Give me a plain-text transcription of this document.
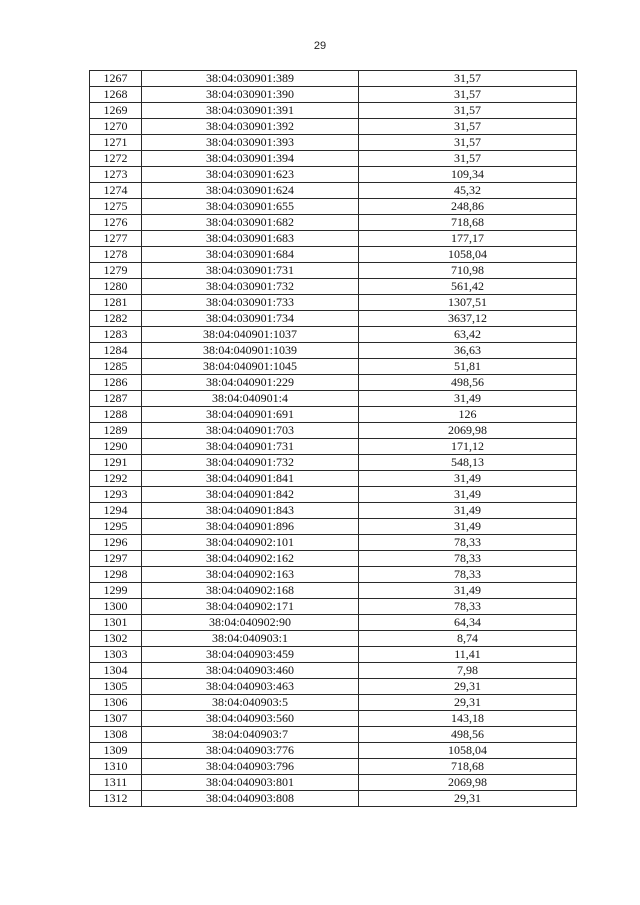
29
1267	38:04:030901:389	31,57
1268	38:04:030901:390	31,57
1269	38:04:030901:391	31,57
1270	38:04:030901:392	31,57
1271	38:04:030901:393	31,57
1272	38:04:030901:394	31,57
1273	38:04:030901:623	109,34
1274	38:04:030901:624	45,32
1275	38:04:030901:655	248,86
1276	38:04:030901:682	718,68
1277	38:04:030901:683	177,17
1278	38:04:030901:684	1058,04
1279	38:04:030901:731	710,98
1280	38:04:030901:732	561,42
1281	38:04:030901:733	1307,51
1282	38:04:030901:734	3637,12
1283	38:04:040901:1037	63,42
1284	38:04:040901:1039	36,63
1285	38:04:040901:1045	51,81
1286	38:04:040901:229	498,56
1287	38:04:040901:4	31,49
1288	38:04:040901:691	126
1289	38:04:040901:703	2069,98
1290	38:04:040901:731	171,12
1291	38:04:040901:732	548,13
1292	38:04:040901:841	31,49
1293	38:04:040901:842	31,49
1294	38:04:040901:843	31,49
1295	38:04:040901:896	31,49
1296	38:04:040902:101	78,33
1297	38:04:040902:162	78,33
1298	38:04:040902:163	78,33
1299	38:04:040902:168	31,49
1300	38:04:040902:171	78,33
1301	38:04:040902:90	64,34
1302	38:04:040903:1	8,74
1303	38:04:040903:459	11,41
1304	38:04:040903:460	7,98
1305	38:04:040903:463	29,31
1306	38:04:040903:5	29,31
1307	38:04:040903:560	143,18
1308	38:04:040903:7	498,56
1309	38:04:040903:776	1058,04
1310	38:04:040903:796	718,68
1311	38:04:040903:801	2069,98
1312	38:04:040903:808	29,31
